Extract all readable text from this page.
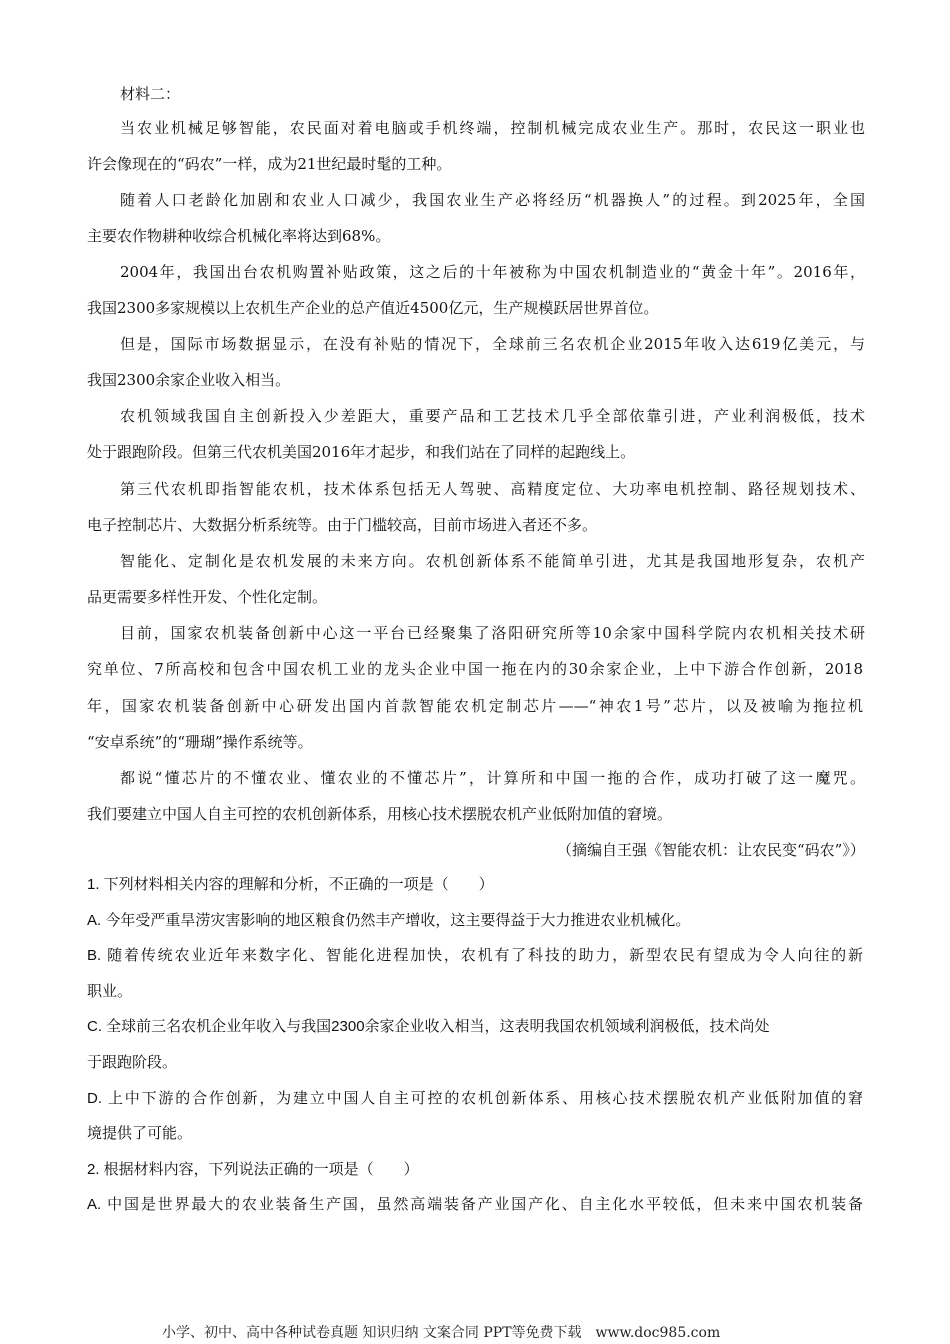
材料二：
当农业机械足够智能，农民面对着电脑或手机终端，控制机械完成农业生产。那时，农民这一职业也
许会像现在的“码农”一样，成为21世纪最时髦的工种。
随着人口老龄化加剧和农业人口减少，我国农业生产必将经历“机器换人”的过程。到2025年，全国
主要农作物耕种收综合机械化率将达到68%。
2004年，我国出台农机购置补贴政策，这之后的十年被称为中国农机制造业的“黄金十年”。2016年，
我国2300多家规模以上农机生产企业的总产值近4500亿元，生产规模跃居世界首位。
但是，国际市场数据显示，在没有补贴的情况下，全球前三名农机企业2015年收入达619亿美元，与
我国2300余家企业收入相当。
农机领域我国自主创新投入少差距大，重要产品和工艺技术几乎全部依靠引进，产业利润极低，技术
处于跟跑阶段。但第三代农机美国2016年才起步，和我们站在了同样的起跑线上。
第三代农机即指智能农机，技术体系包括无人驾驶、高精度定位、大功率电机控制、路径规划技术、
电子控制芯片、大数据分析系统等。由于门槛较高，目前市场进入者还不多。
智能化、定制化是农机发展的未来方向。农机创新体系不能简单引进，尤其是我国地形复杂，农机产
品更需要多样性开发、个性化定制。
目前，国家农机装备创新中心这一平台已经聚集了洛阳研究所等10余家中国科学院内农机相关技术研
究单位、7所高校和包含中国农机工业的龙头企业中国一拖在内的30余家企业，上中下游合作创新，2018
年，国家农机装备创新中心研发出国内首款智能农机定制芯片——“神农1号”芯片，以及被喻为拖拉机
“安卓系统”的“珊瑚”操作系统等。
都说“懂芯片的不懂农业、懂农业的不懂芯片”，计算所和中国一拖的合作，成功打破了这一魔咒。
我们要建立中国人自主可控的农机创新体系，用核心技术摆脱农机产业低附加值的窘境。
（摘编自王强《智能农机：让农民变“码农”》）
1. 下列材料相关内容的理解和分析，不正确的一项是（　　）
A. 今年受严重旱涝灾害影响的地区粮食仍然丰产增收，这主要得益于大力推进农业机械化。
B. 随着传统农业近年来数字化、智能化进程加快，农机有了科技的助力，新型农民有望成为令人向往的新
职业。
C. 全球前三名农机企业年收入与我国2300余家企业收入相当，这表明我国农机领域利润极低，技术尚处
于跟跑阶段。
D. 上中下游的合作创新，为建立中国人自主可控的农机创新体系、用核心技术摆脱农机产业低附加值的窘
境提供了可能。
2. 根据材料内容，下列说法正确的一项是（　　）
A. 中国是世界最大的农业装备生产国，虽然高端装备产业国产化、自主化水平较低，但未来中国农机装备
小学、初中、高中各种试卷真题 知识归纳 文案合同 PPT等免费下载 www.doc985.com
